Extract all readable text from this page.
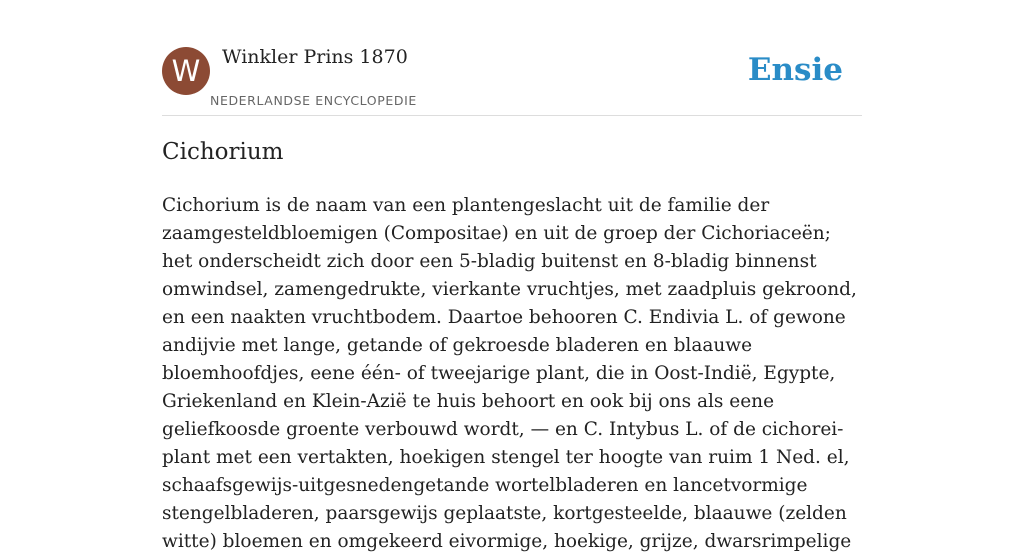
W	Winkler Prins 1870
NEDERLANDSE ENCYCLOPEDIE
Ensie
Cichorium

Cichorium is de naam van een plantengeslacht uit de familie der zaamgesteldbloemigen (Compositae) en uit de groep der Cichoriaceën; het onderscheidt zich door een 5-bladig buitenst en 8-bladig binnenst omwindsel, zamengedrukte, vierkante vruchtjes, met zaadpluis gekroond, en een naakten vruchtbodem. Daartoe behooren C. Endivia L. of gewone andijvie met lange, getande of gekroesde bladeren en blaauwe bloemhoofdjes, eene één- of tweejarige plant, die in Oost-Indië, Egypte, Griekenland en Klein-Azië te huis behoort en ook bij ons als eene geliefkoosde groente verbouwd wordt, — en C. Intybus L. of de cichorei-plant met een vertakten, hoekigen stengel ter hoogte van ruim 1 Ned. el, schaafsgewijs-uitgesnedengetande wortelbladeren en lancetvormige stengelbladeren, paarsgewijs geplaatste, kortgesteelde, blaauwe (zelden witte) bloemen en omgekeerd eivormige, hoekige, grijze, dwarsrimpelige
